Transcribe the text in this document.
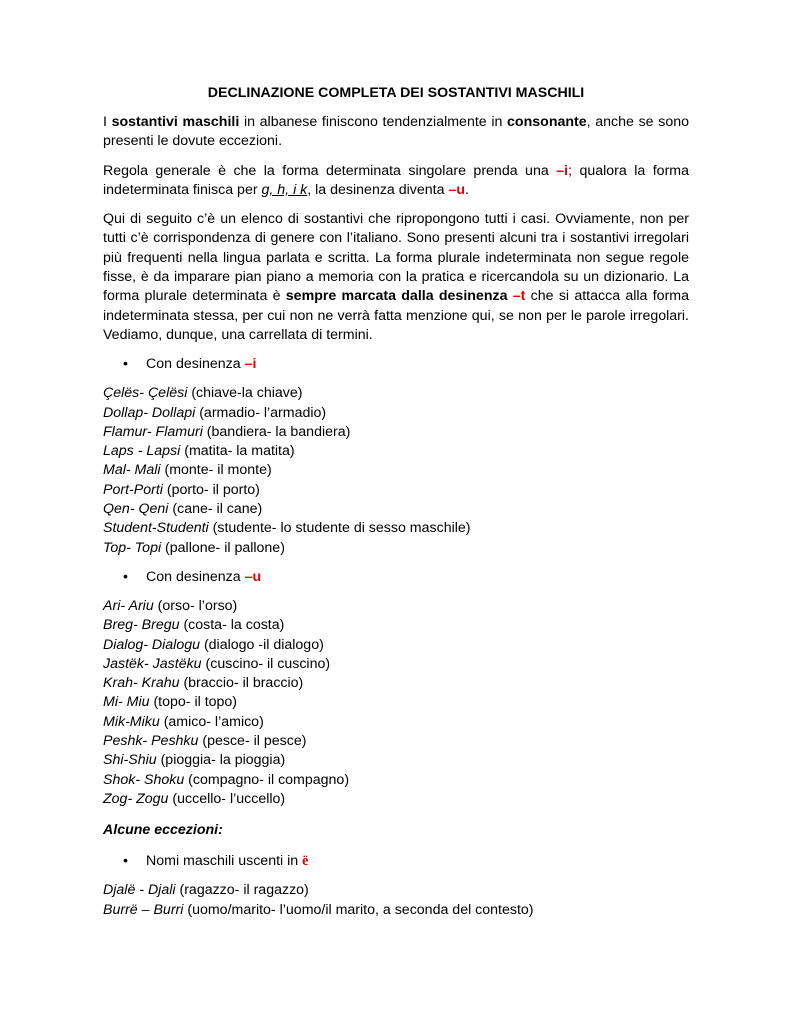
DECLINAZIONE COMPLETA DEI SOSTANTIVI MASCHILI

I sostantivi maschili in albanese finiscono tendenzialmente in consonante, anche se sono presenti le dovute eccezioni.

Regola generale è che la forma determinata singolare prenda una –i; qualora la forma indeterminata finisca per g, h, i k, la desinenza diventa –u.

Qui di seguito c’è un elenco di sostantivi che ripropongono tutti i casi. Ovviamente, non per tutti c’è corrispondenza di genere con l’italiano. Sono presenti alcuni tra i sostantivi irregolari più frequenti nella lingua parlata e scritta. La forma plurale indeterminata non segue regole fisse, è da imparare pian piano a memoria con la pratica e ricercandola su un dizionario. La forma plurale determinata è sempre marcata dalla desinenza –t che si attacca alla forma indeterminata stessa, per cui non ne verrà fatta menzione qui, se non per le parole irregolari. Vediamo, dunque, una carrellata di termini.

• Con desinenza –i
Çelës- Çelësi (chiave-la chiave)
Dollap- Dollapi (armadio- l’armadio)
Flamur- Flamuri (bandiera- la bandiera)
Laps - Lapsi (matita- la matita)
Mal- Mali (monte- il monte)
Port-Porti (porto- il porto)
Qen- Qeni (cane- il cane)
Student-Studenti (studente- lo studente di sesso maschile)
Top- Topi (pallone- il pallone)
• Con desinenza –u
Ari- Ariu (orso- l’orso)
Breg- Bregu (costa- la costa)
Dialog- Dialogu (dialogo -il dialogo)
Jastëk- Jastëku (cuscino- il cuscino)
Krah- Krahu (braccio- il braccio)
Mi- Miu (topo- il topo)
Mik-Miku (amico- l’amico)
Peshk- Peshku (pesce- il pesce)
Shi-Shiu (pioggia- la pioggia)
Shok- Shoku (compagno- il compagno)
Zog- Zogu (uccello- l’uccello)
Alcune eccezioni:
• Nomi maschili uscenti in ë
Djalë - Djali (ragazzo- il ragazzo)
Burrë – Burri (uomo/marito- l’uomo/il marito, a seconda del contesto)
